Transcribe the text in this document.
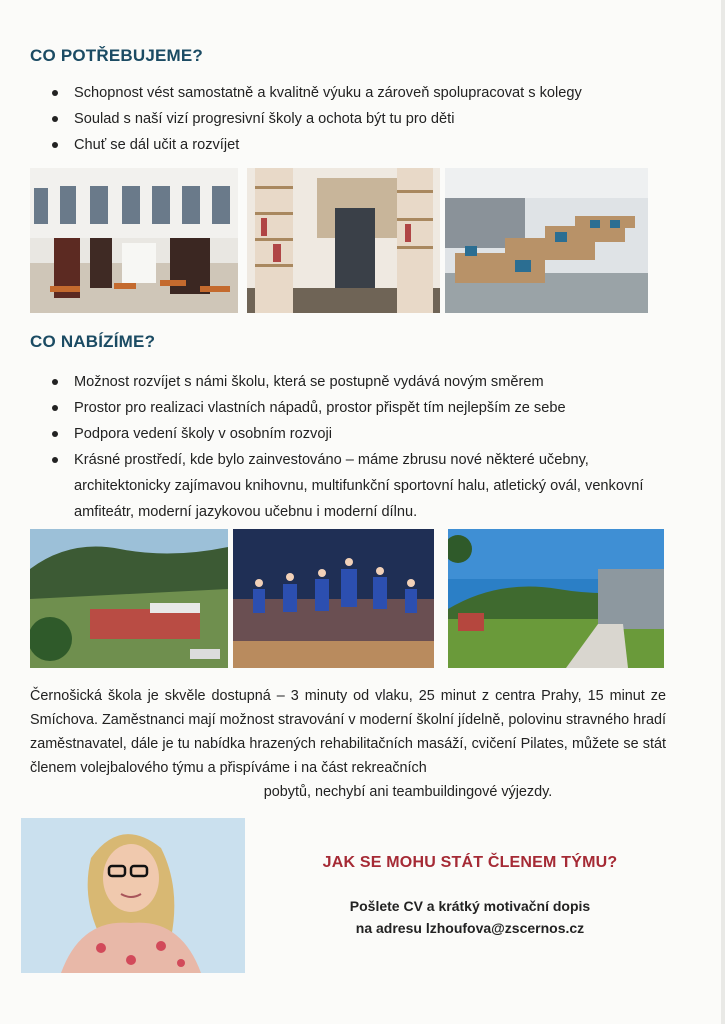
CO POTŘEBUJEME?
Schopnost vést samostatně a kvalitně výuku a zároveň spolupracovat s kolegy
Soulad s naší vizí progresivní školy a ochota být tu pro děti
Chuť se dál učit a rozvíjet
CO NABÍZÍME?
Možnost rozvíjet s námi školu, která se postupně vydává novým směrem
Prostor pro realizaci vlastních nápadů, prostor přispět tím nejlepším ze sebe
Podpora vedení školy v osobním rozvoji
Krásné prostředí, kde bylo zainvestováno – máme zbrusu nové některé učebny, architektonicky zajímavou knihovnu, multifunkční sportovní halu, atletický ovál, venkovní amfiteátr, moderní jazykovou učebnu i moderní dílnu.
Černošická škola je skvěle dostupná – 3 minuty od vlaku, 25 minut z centra Prahy, 15 minut ze Smíchova. Zaměstnanci mají možnost stravování v moderní školní jídelně, polovinu stravného hradí zaměstnavatel, dále je tu nabídka hrazených rehabilitačních masáží, cvičení Pilates, můžete se stát členem volejbalového týmu a přispíváme i na část rekreačních
pobytů, nechybí ani teambuildingové výjezdy.
JAK SE MOHU STÁT ČLENEM TÝMU?
Pošlete CV a krátký motivační dopis
na adresu lzhoufova@zscernos.cz
